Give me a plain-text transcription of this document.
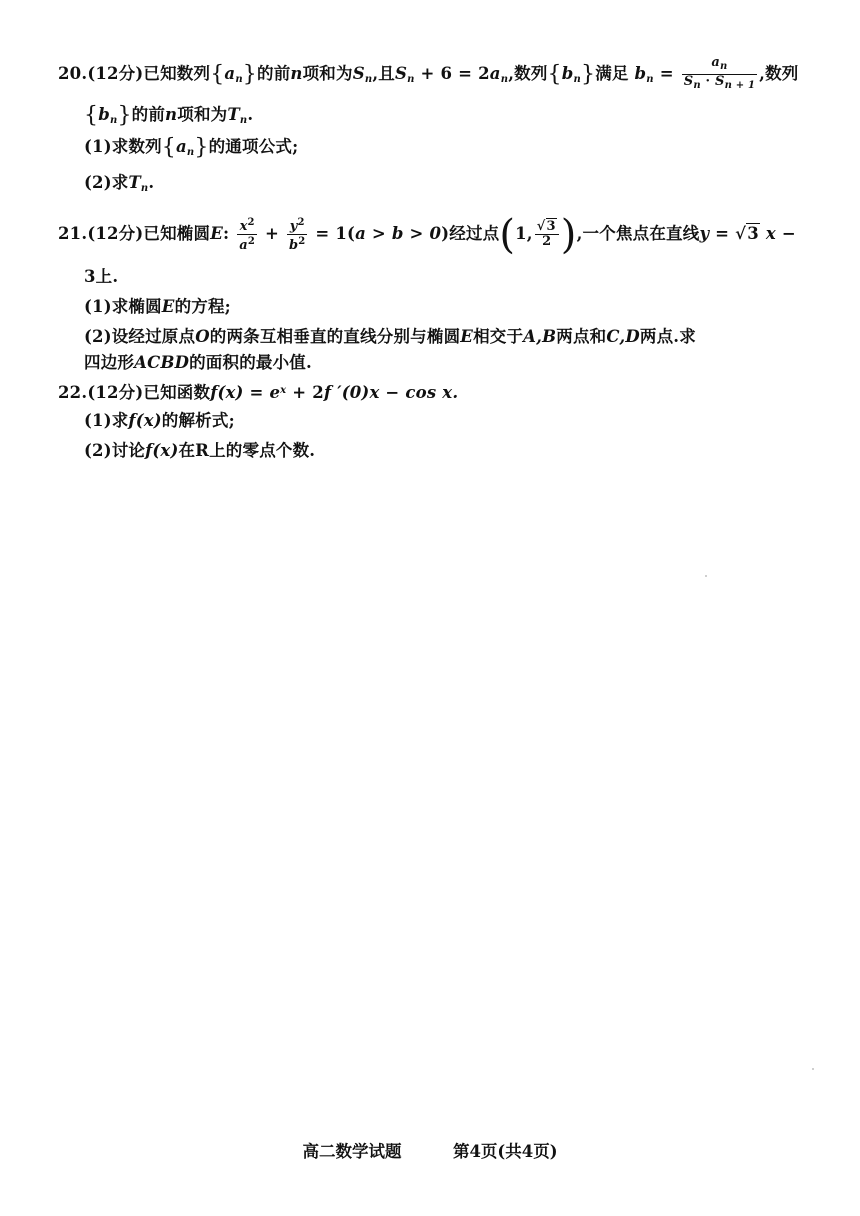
20.(12分)已知数列$\{a_n\}$的前n项和为$S_n$,且$S_n + 6 = 2a_n$,数列$\{b_n\}$满足 $b_n = \frac{a_n}{S_n \cdot S_{n + 1}}$ ,数列
$\{b_n\}$的前n项和为$T_n$.
(1)求数列$\{a_n\}$的通项公式;
(2)求$T_n$.
21.(12分)已知椭圆E: $\frac{x^2}{a^2} + \frac{y^2}{b^2} = 1(a > b > 0)$经过点(1, $\frac{√3}{2}$ ),一个焦点在直线y = √3 x −
3上.
(1)求椭圆E的方程;
(2)设经过原点O的两条互相垂直的直线分别与椭圆E相交于A,B两点和C,D两点.求
四边形ACBD的面积的最小值.
22.(12分)已知函数$f(x) = e^x + 2f$ ′(0)x − cos x.
(1)求f(x)的解析式;
(2)讨论f(x)在R上的零点个数.
高二数学试题	第4页(共4页)
